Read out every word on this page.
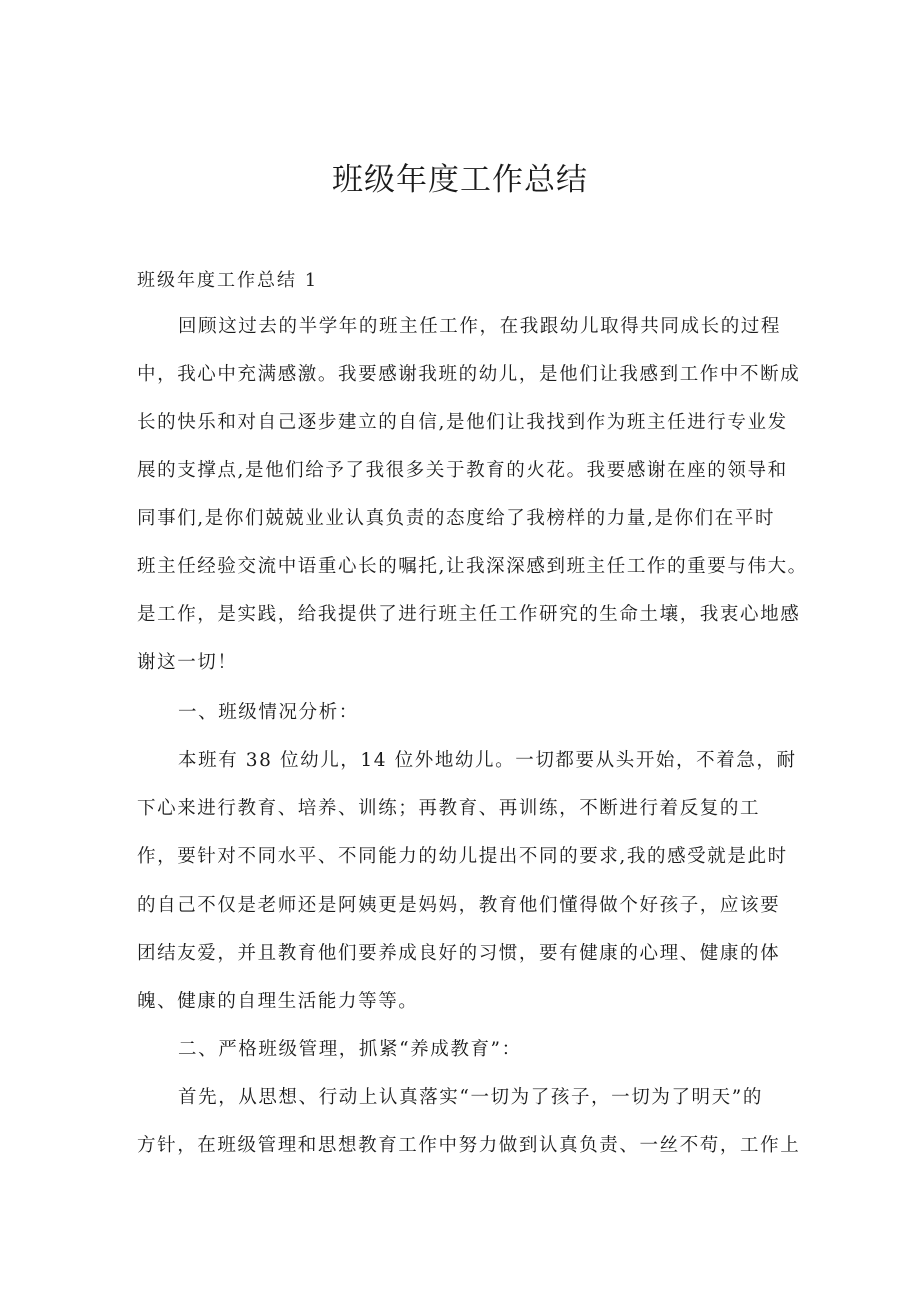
班级年度工作总结

班级年度工作总结 1

回顾这过去的半学年的班主任工作，在我跟幼儿取得共同成长的过程

中，我心中充满感激。我要感谢我班的幼儿，是他们让我感到工作中不断成

长的快乐和对自己逐步建立的自信,是他们让我找到作为班主任进行专业发

展的支撑点,是他们给予了我很多关于教育的火花。我要感谢在座的领导和

同事们,是你们兢兢业业认真负责的态度给了我榜样的力量,是你们在平时

班主任经验交流中语重心长的嘱托,让我深深感到班主任工作的重要与伟大。

是工作，是实践，给我提供了进行班主任工作研究的生命土壤，我衷心地感

谢这一切！

一、班级情况分析：

本班有 38 位幼儿，14 位外地幼儿。一切都要从头开始，不着急，耐

下心来进行教育、培养、训练；再教育、再训练，不断进行着反复的工

作，要针对不同水平、不同能力的幼儿提出不同的要求,我的感受就是此时

的自己不仅是老师还是阿姨更是妈妈，教育他们懂得做个好孩子，应该要

团结友爱，并且教育他们要养成良好的习惯，要有健康的心理、健康的体

魄、健康的自理生活能力等等。

二、严格班级管理，抓紧“养成教育”：

首先，从思想、行动上认真落实“一切为了孩子，一切为了明天”的

方针，在班级管理和思想教育工作中努力做到认真负责、一丝不苟，工作上
